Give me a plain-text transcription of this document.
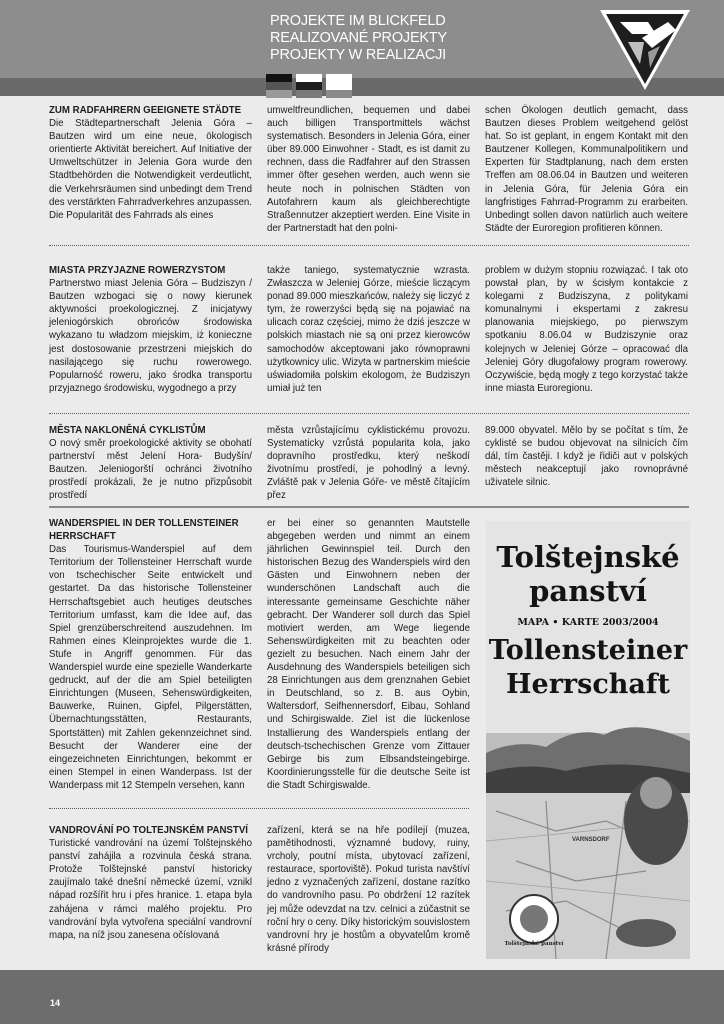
PROJEKTE IM BLICKFELD
REALIZOVANÉ PROJEKTY
PROJEKTY W REALIZACJI

ZUM RADFAHRERN GEEIGNETE STÄDTE

Die Städtepartnerschaft Jelenia Góra – Bautzen wird um eine neue, ökologisch orientierte Aktivität bereichert. Auf Initiative der Umweltschützer in Jelenia Gora wurde den Stadtbehörden die Notwendigkeit verdeutlicht, die Verkehrsräumen sind unbedingt dem Trend des verstärkten Fahrradverkehres anzupassen. Die Popularität des Fahrrads als eines

umweltfreundlichen, bequemen und dabei auch billigen Transportmittels wächst systematisch. Besonders in Jelenia Góra, einer über 89.000 Einwohner - Stadt, es ist damit zu rechnen, dass die Radfahrer auf den Strassen immer öfter gesehen werden, auch wenn sie heute noch in polnischen Städten von Autofahrern kaum als gleichberechtigte Straßennutzer akzeptiert werden. Eine Visite in der Partnerstadt hat den polni-
schen Ökologen deutlich gemacht, dass Bautzen dieses Problem weitgehend gelöst hat. So ist geplant, in engem Kontakt mit den Bautzener Kollegen, Kommunalpolitikern und Experten für Stadtplanung, nach dem ersten Treffen am 08.06.04 in Bautzen und weiteren in Jelenia Góra, für Jelenia Góra ein langfristiges Fahrrad-Programm zu erarbeiten. Unbedingt sollen davon natürlich auch weitere Städte der Euroregion profitieren können.

MIASTA PRZYJAZNE ROWERZYSTOM

Partnerstwo miast Jelenia Góra – Budziszyn / Bautzen wzbogaci się o nowy kierunek aktywności proekologicznej. Z inicjatywy jeleniogórskich obrońców środowiska wykazano tu władzom miejskim, iż konieczne jest dostosowanie przestrzeni miejskich do nasilającego się ruchu rowerowego. Popularność roweru, jako środka transportu przyjaznego środowisku, wygodnego a przy

także taniego, systematycznie wzrasta. Zwłaszcza w Jeleniej Górze, mieście liczącym ponad 89.000 mieszkańców, należy się liczyć z tym, że rowerzyści będą się na pojawiać na ulicach coraz częściej, mimo że dziś jeszcze w polskich miastach nie są oni przez kierowców samochodów akceptowani jako równoprawni użytkownicy ulic. Wizyta w partnerskim mieście uświadomiła polskim ekologom, że Budziszyn umiał już ten
problem w dużym stopniu rozwiązać. I tak oto powstał plan, by w ścisłym kontakcie z kolegami z Budziszyna, z politykami komunalnymi i ekspertami z zakresu planowania miejskiego, po pierwszym spotkaniu 8.06.04 w Budziszynie oraz kolejnych w Jeleniej Górze – opracować dla Jeleniej Góry długofalowy program rowerowy. Oczywiście, będą mogły z tego korzystać także inne miasta Euroregionu.

MĚSTA NAKLONĚNÁ CYKLISTŮM

O nový směr proekologické aktivity se obohatí partnerství měst Jelení Hora- Budyšín/ Bautzen. Jeleniogorští ochránci životního prostředí prokázali, že je nutno přizpůsobit prostředí

města vzrůstajícímu cyklistickému provozu. Systematicky vzrůstá popularita kola, jako dopravního prostředku, který neškodí životnímu prostředí, je pohodlný a levný. Zvláště pak v Jelenia Góře- ve městě čítajícím přez
89.000 obyvatel. Mělo by se počítat s tím, že cyklisté se budou objevovat na silnicích čím dál, tím častěji. I když je řidiči aut v polských městech neakceptují jako rovnoprávné uživatele silnic.

WANDERSPIEL IN DER TOLLENSTEINER HERRSCHAFT

Das Tourismus-Wanderspiel auf dem Territorium der Tollensteiner Herrschaft wurde von tschechischer Seite entwickelt und gestartet. Da das historische Tollensteiner Herrschaftsgebiet auch heutiges deutsches Territorium umfasst, kam die Idee auf, das Spiel grenzüberschreitend auszudehnen. Im Rahmen eines Kleinprojektes wurde die 1. Stufe in Angriff genommen. Für das Wanderspiel wurde eine spezielle Wanderkarte gedruckt, auf der die am Spiel beteiligten Einrichtungen (Museen, Sehenswürdigkeiten, Bauwerke, Ruinen, Gipfel, Pilgerstätten, Übernachtungsstätten, Restaurants, Sportstätten) mit Zahlen gekennzeichnet sind. Besucht der Wanderer eine der eingezeichneten Einrichtungen, bekommt er einen Stempel in einen Wanderpass. Ist der Wanderpass mit 12 Stempeln versehen, kann

er bei einer so genannten Mautstelle abgegeben werden und nimmt an einem jährlichen Gewinnspiel teil. Durch den historischen Bezug des Wanderspiels wird den Gästen und Einwohnern neben der wunderschönen Landschaft auch die interessante gemeinsame Geschichte näher gebracht. Der Wanderer soll durch das Spiel motiviert werden, am Wege liegende Sehenswürdigkeiten mit zu beachten oder gezielt zu besuchen. Nach einem Jahr der Ausdehnung des Wanderspiels beteiligen sich 28 Einrichtungen aus dem grenznahen Gebiet in Deutschland, so z. B. aus Oybin, Waltersdorf, Seifhennersdorf, Eibau, Sohland und Schirgiswalde. Ziel ist die lückenlose Installierung des Wanderspiels entlang der deutsch-tschechischen Grenze vom Zittauer Gebirge bis zum Elbsandsteingebirge. Koordinierungsstelle für die deutsche Seite ist die Stadt Schirgiswalde.

VANDROVÁNÍ PO TOLTEJNSKÉM PANSTVÍ

Turistické vandrování na území Tolštejnského panství zahájila a rozvinula česká strana. Protože Tolštejnské panství historicky zaujímalo také dnešní německé území, vznikl nápad rozšířit hru i přes hranice. 1. etapa byla zahájena v rámci malého projektu. Pro vandrování byla vytvořena speciální vandrovní mapa, na níž jsou zanesena očíslovaná

zařízení, která se na hře podílejí (muzea, pamětihodnosti, významné budovy, ruiny, vrcholy, poutní místa, ubytovací zařízení, restaurace, sportoviště). Pokud turista navštíví jedno z vyznačených zařízení, dostane razítko do vandrovního pasu. Po obdržení 12 razítek jej může odevzdat na tzv. celnici a zúčastnit se roční hry o ceny. Díky historickým souvislostem vandrovní hry je hostům a obyvatelům kromě krásné přírody
Tolštejnské
panství
MAPA • KARTE 2003/2004
Tollensteiner
Herrschaft
VARNSDORF
Tolštejnské panství
14
